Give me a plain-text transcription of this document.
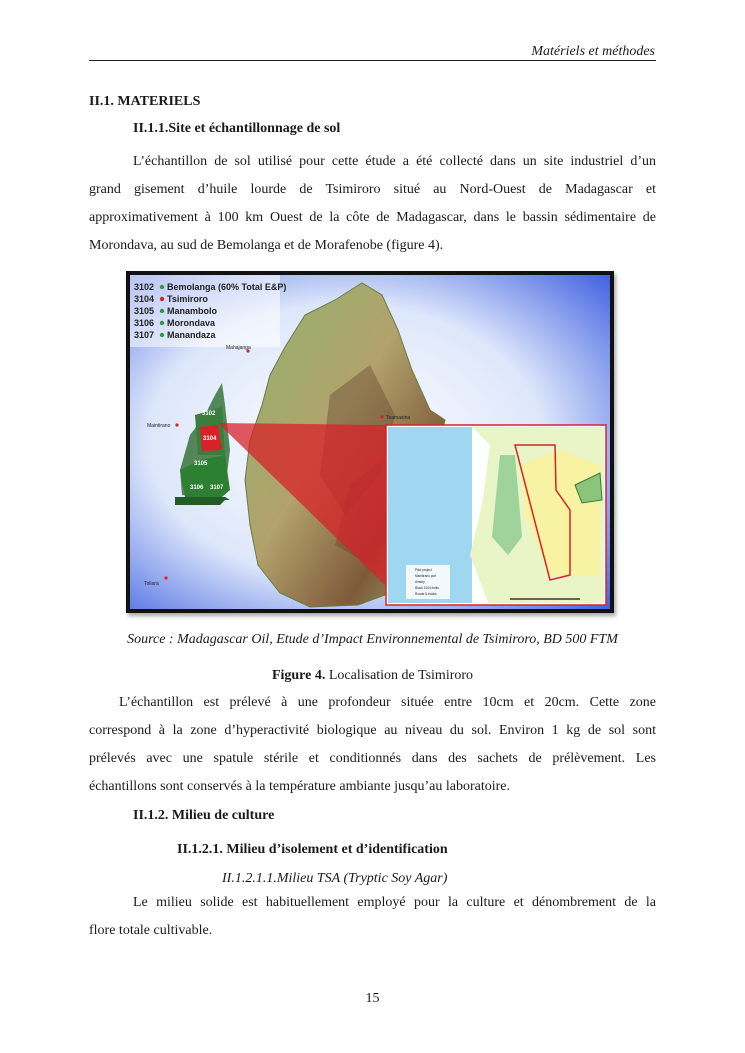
Matériels et méthodes
II.1. MATERIELS
II.1.1.Site et échantillonnage de sol
L’échantillon de sol utilisé pour cette étude a été collecté dans un site industriel d’un
grand gisement d’huile lourde de Tsimiroro situé au Nord-Ouest de Madagascar et
approximativement à 100 km Ouest de la côte de Madagascar, dans le bassin sédimentaire de
Morondava, au sud de Bemolanga et de Morafenobe (figure 4).
3102 Bemolanga (60% Total E&P)
3104 Tsimiroro
3105 Manambolo
3106 Morondava
3107 Manandaza
3102
3104
3105
3106 3107
Mahajanga
Maintirano
Toamasina
Toliara
Pilot project
Maintirano port
Airstrip
Block 3104 limits
Roads & tracks
Source : Madagascar Oil, Etude d’Impact Environnemental de Tsimiroro, BD 500 FTM
Figure 4. Localisation de Tsimiroro
L’échantillon est prélevé à une profondeur située entre 10cm et 20cm. Cette zone
correspond à la zone d’hyperactivité biologique au niveau du sol. Environ 1 kg de sol sont
prélevés avec une spatule stérile et conditionnés dans des sachets de prélèvement. Les
échantillons sont conservés à la température ambiante jusqu’au laboratoire.
II.1.2. Milieu de culture
II.1.2.1. Milieu d’isolement et d’identification
II.1.2.1.1.Milieu TSA (Tryptic Soy Agar)
Le milieu solide est habituellement employé pour la culture et dénombrement de la
flore totale cultivable.
15
